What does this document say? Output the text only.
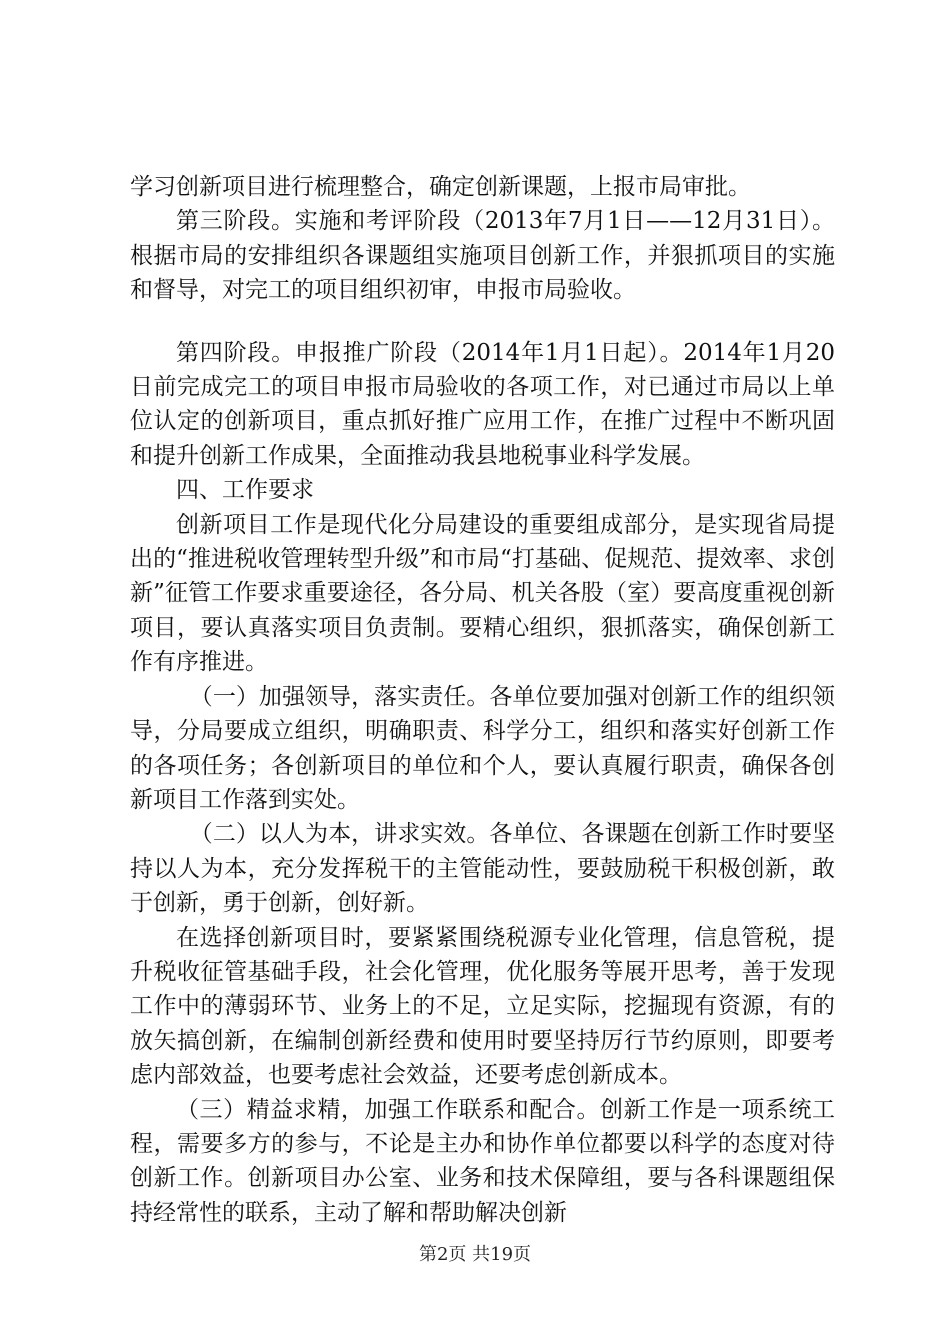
学习创新项目进行梳理整合，确定创新课题，上报市局审批。

第三阶段。实施和考评阶段（2013年7月1日——12月31日）。根据市局的安排组织各课题组实施项目创新工作，并狠抓项目的实施和督导，对完工的项目组织初审，申报市局验收。

第四阶段。申报推广阶段（2014年1月1日起）。2014年1月20日前完成完工的项目申报市局验收的各项工作，对已通过市局以上单位认定的创新项目，重点抓好推广应用工作，在推广过程中不断巩固和提升创新工作成果，全面推动我县地税事业科学发展。

四、工作要求

创新项目工作是现代化分局建设的重要组成部分，是实现省局提出的“推进税收管理转型升级”和市局“打基础、促规范、提效率、求创新”征管工作要求重要途径，各分局、机关各股（室）要高度重视创新项目，要认真落实项目负责制。要精心组织，狠抓落实，确保创新工作有序推进。

（一）加强领导，落实责任。各单位要加强对创新工作的组织领导，分局要成立组织，明确职责、科学分工，组织和落实好创新工作的各项任务；各创新项目的单位和个人，要认真履行职责，确保各创新项目工作落到实处。

（二）以人为本，讲求实效。各单位、各课题在创新工作时要坚持以人为本，充分发挥税干的主管能动性，要鼓励税干积极创新，敢于创新，勇于创新，创好新。

在选择创新项目时，要紧紧围绕税源专业化管理，信息管税，提升税收征管基础手段，社会化管理，优化服务等展开思考，善于发现工作中的薄弱环节、业务上的不足，立足实际，挖掘现有资源，有的放矢搞创新，在编制创新经费和使用时要坚持厉行节约原则，即要考虑内部效益，也要考虑社会效益，还要考虑创新成本。

（三）精益求精，加强工作联系和配合。创新工作是一项系统工程，需要多方的参与，不论是主办和协作单位都要以科学的态度对待创新工作。创新项目办公室、业务和技术保障组，要与各科课题组保持经常性的联系，主动了解和帮助解决创新

第2页 共19页
